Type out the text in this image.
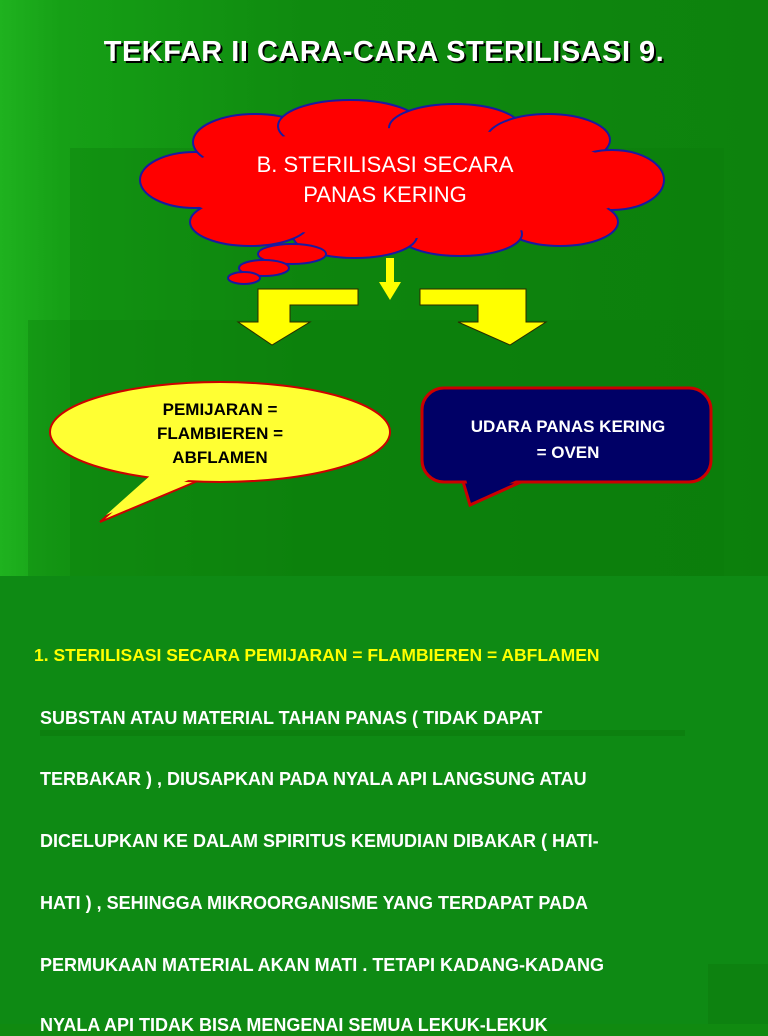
TEKFAR II CARA-CARA STERILISASI 9.
B. STERILISASI SECARA
PANAS KERING
PEMIJARAN =
FLAMBIEREN =
ABFLAMEN
UDARA PANAS KERING
= OVEN
1. STERILISASI SECARA PEMIJARAN = FLAMBIEREN = ABFLAMEN
SUBSTAN ATAU MATERIAL TAHAN PANAS ( TIDAK DAPAT
TERBAKAR ) , DIUSAPKAN PADA NYALA API LANGSUNG ATAU
DICELUPKAN KE DALAM SPIRITUS KEMUDIAN DIBAKAR ( HATI-
HATI ) , SEHINGGA MIKROORGANISME YANG TERDAPAT PADA
PERMUKAAN MATERIAL AKAN MATI . TETAPI KADANG-KADANG
NYALA API TIDAK BISA MENGENAI SEMUA LEKUK-LEKUK
